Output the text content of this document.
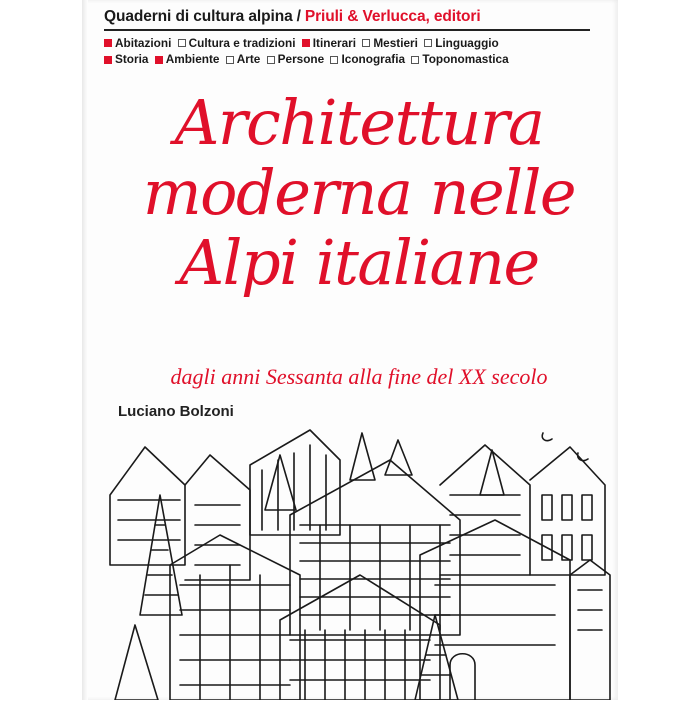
Quaderni di cultura alpina / Priuli & Verlucca, editori
Abitazioni
Cultura e tradizioni
Itinerari
Mestieri
Linguaggio
Storia
Ambiente
Arte
Persone
Iconografia
Toponomastica
Architettura
moderna nelle
Alpi italiane
dagli anni Sessanta alla fine del XX secolo
Luciano Bolzoni
